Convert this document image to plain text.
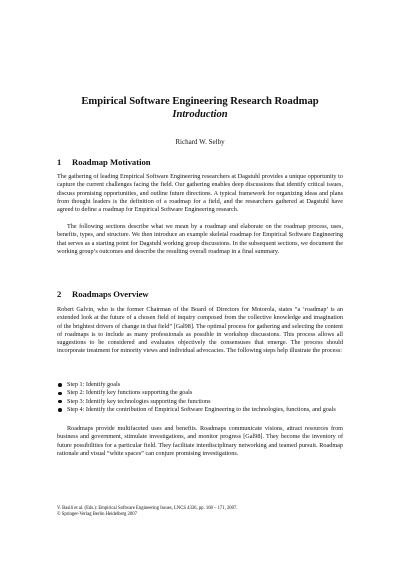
Empirical Software Engineering Research Roadmap
Introduction
Richard W. Selby
1 Roadmap Motivation

The gathering of leading Empirical Software Engineering researchers at Dagstuhl provides a unique opportunity to capture the current challenges facing the field. Our gathering enables deep discussions that identify critical issues, discuss promising opportunities, and outline future directions. A typical framework for organizing ideas and plans from thought leaders is the definition of a roadmap for a field, and the researchers gathered at Dagstuhl have agreed to define a roadmap for Empirical Software Engineering research.

The following sections describe what we mean by a roadmap and elaborate on the roadmap process, uses, benefits, types, and structure. We then introduce an example skeletal roadmap for Empirical Software Engineering that serves as a starting point for Dagstuhl working group discussions. In the subsequent sections, we document the working group’s outcomes and describe the resulting overall roadmap in a final summary.

2 Roadmaps Overview

Robert Galvin, who is the former Chairman of the Board of Directors for Motorola, states “a ‘roadmap’ is an extended look at the future of a chosen field of inquiry composed from the collective knowledge and imagination of the brightest drivers of change in that field” [Gal98]. The optimal process for gathering and selecting the content of roadmaps is to include as many professionals as possible in workshop discussions. This process allows all suggestions to be considered and evaluates objectively the consensuses that emerge. The process should incorporate treatment for minority views and individual advocacies. The following steps help illustrate the process:

Step 1: Identify goals
Step 2: Identify key functions supporting the goals
Step 3: Identify key technologies supporting the functions
Step 4: Identify the contribution of Empirical Software Engineering to the technologies, functions, and goals

Roadmaps provide multifaceted uses and benefits. Roadmaps communicate visions, attract resources from business and government, stimulate investigations, and monitor progress [Gal98]. They become the inventory of future possibilities for a particular field. They facilitate interdisciplinary networking and teamed pursuit. Roadmap rationale and visual “white spaces” can conjure promising investigations.

V. Basili et al. (Eds.): Empirical Software Engineering Issues, LNCS 4336, pp. 168 – 171, 2007.
© Springer-Verlag Berlin Heidelberg 2007
